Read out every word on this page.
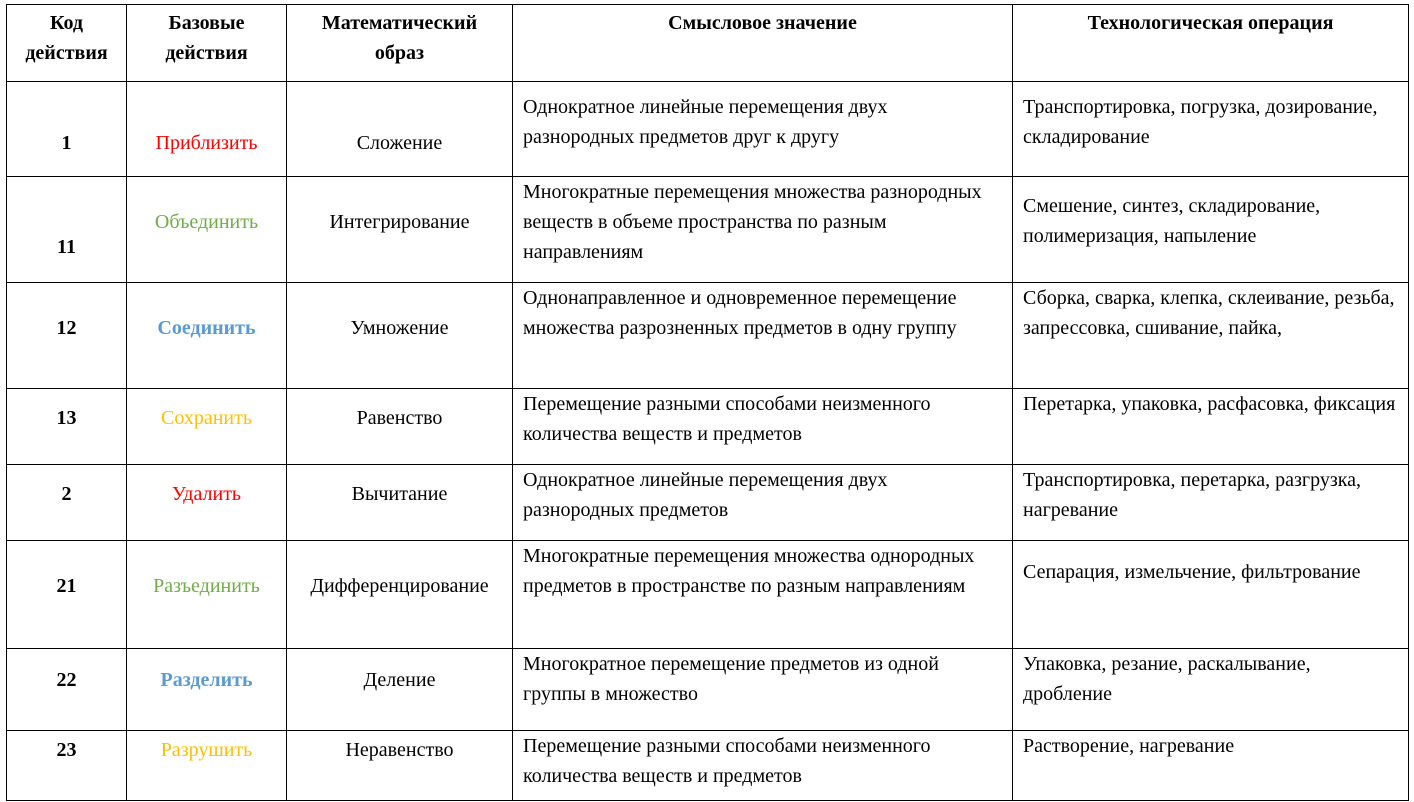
Код действия	Базовые действия	Математический образ	Смысловое значение	Технологическая операция
1	Приблизить	Сложение	Однократное линейные перемещения двух разнородных предметов друг к другу	Транспортировка, погрузка, дозирование, складирование
11	Объединить	Интегрирование	Многократные перемещения множества разнородных веществ в объеме пространства по разным направлениям	Смешение, синтез, складирование, полимеризация, напыление
12	Соединить	Умножение	Однонаправленное и одновременное перемещение множества разрозненных предметов в одну группу	Сборка, сварка, клепка, склеивание, резьба, запрессовка, сшивание, пайка,
13	Сохранить	Равенство	Перемещение разными способами неизменного количества веществ и предметов	Перетарка, упаковка, расфасовка, фиксация
2	Удалить	Вычитание	Однократное линейные перемещения двух разнородных предметов	Транспортировка, перетарка, разгрузка, нагревание
21	Разъединить	Дифференцирование	Многократные перемещения множества однородных предметов в пространстве по разным направлениям	Сепарация, измельчение, фильтрование
22	Разделить	Деление	Многократное перемещение предметов из одной группы в множество	Упаковка, резание, раскалывание, дробление
23	Разрушить	Неравенство	Перемещение разными способами неизменного количества веществ и предметов	Растворение, нагревание
